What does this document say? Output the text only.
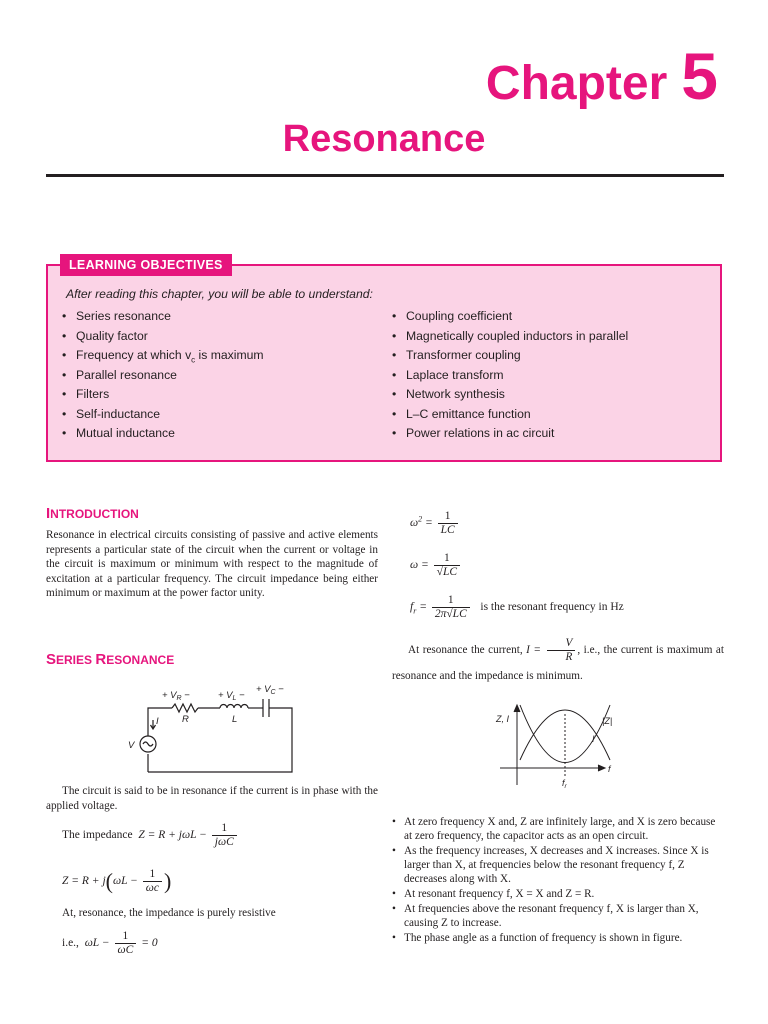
Chapter 5
Resonance
LEARNING OBJECTIVES
After reading this chapter, you will be able to understand:
• Series resonance
• Quality factor
• Frequency at which $v_c$ is maximum
• Parallel resonance
• Filters
• Self-inductance
• Mutual inductance
• Coupling coefficient
• Magnetically coupled inductors in parallel
• Transformer coupling
• Laplace transform
• Network synthesis
• L–C emittance function
• Power relations in ac circuit
INTRODUCTION
Resonance in electrical circuits consisting of passive and active elements represents a particular state of the circuit when the current or voltage in the circuit is maximum or minimum with respect to the magnitude of excitation at a particular frequency. The circuit impedance being either minimum or maximum at the power factor unity.
SERIES RESONANCE
+ $V_R$ −	+ $V_L$ −
+ $V_C$ −
R	L
I
V
The circuit is said to be in resonance if the current is in phase with the applied voltage.
The impedance  $Z = R + j\omega L - \frac{1}{\text{jωC}}$
$Z = R + j(\omega L - \frac{1}{\omega c}$ )
At, resonance, the impedance is purely resistive
i.e.,  $\omega L - \frac{1}{\omega C} = 0$
$\omega^2 = \frac{1}{LC}$
$\omega = \frac{1}{√LC}$
$f_r = \frac{1}{2\pi√LC}$ is the resonant frequency in Hz
At resonance the current, $I = \frac{V}{R}$ , i.e., the current is maximum at resonance and the impedance is minimum.
Z, I	|Z|
I
f
$f_r$
• At zero frequency X and, Z are infinitely large, and X is zero because at zero frequency, the capacitor acts as an open circuit.
• As the frequency increases, X decreases and X increases. Since X is larger than X, at frequencies below the resonant frequency f, Z decreases along with X.
• At resonant frequency f, X = X and Z = R.
• At frequencies above the resonant frequency f, X is larger than X, causing Z to increase.
• The phase angle as a function of frequency is shown in figure.
